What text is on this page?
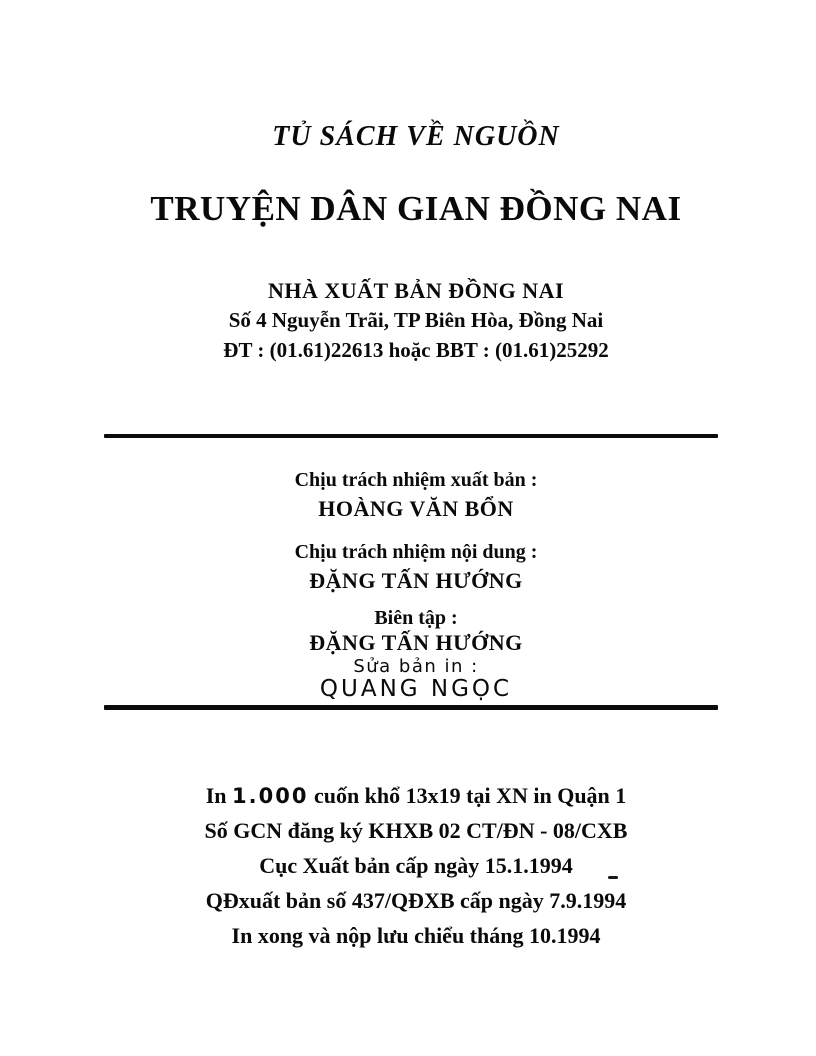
TỦ SÁCH VỀ NGUỒN
TRUYỆN DÂN GIAN ĐỒNG NAI
NHÀ XUẤT BẢN ĐỒNG NAI
Số 4 Nguyễn Trãi, TP Biên Hòa, Đồng Nai
ĐT : (01.61)22613 hoặc BBT : (01.61)25292
Chịu trách nhiệm xuất bản :
HOÀNG VĂN BỔN
Chịu trách nhiệm nội dung :
ĐẶNG TẤN HƯỚNG
Biên tập :
ĐẶNG TẤN HƯỚNG
Sửa bản in :
QUANG NGỌC
In 1.000 cuốn khổ 13x19 tại XN in Quận 1
Số GCN đăng ký KHXB 02 CT/ĐN - 08/CXB
Cục Xuất bản cấp ngày 15.1.1994
QĐxuất bản số 437/QĐXB cấp ngày 7.9.1994
In xong và nộp lưu chiểu tháng 10.1994
